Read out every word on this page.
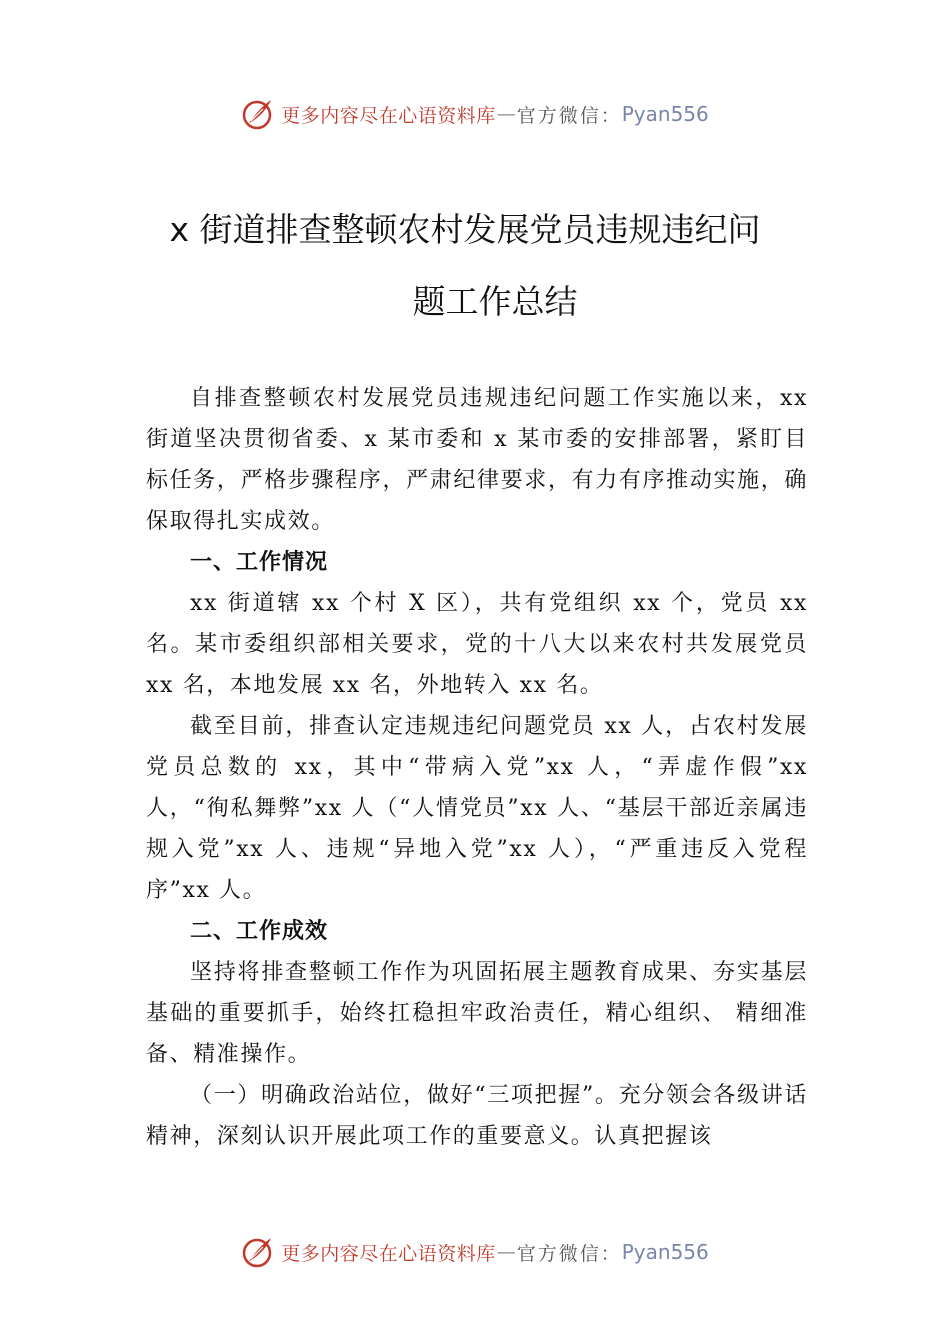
更多内容尽在心语资料库 — 官方微信： Pyan556
x 街道排查整顿农村发展党员违规违纪问
题工作总结

自排查整顿农村发展党员违规违纪问题工作实施以来，xx 街道坚决贯彻省委、x 某市委和 x 某市委的安排部署，紧盯目标任务，严格步骤程序，严肃纪律要求，有力有序推动实施，确保取得扎实成效。

一、工作情况

xx 街道辖 xx 个村 X 区），共有党组织 xx 个，党员 xx 名。某市委组织部相关要求，党的十八大以来农村共发展党员 xx 名，本地发展 xx 名，外地转入 xx 名。

截至目前，排查认定违规违纪问题党员 xx 人，占农村发展党员总数的 xx，其中“带病入党”xx 人，“弄虚作假”xx 人，“徇私舞弊”xx 人（“人情党员”xx 人、“基层干部近亲属违规入党”xx 人、违规“异地入党”xx 人），“严重违反入党程序”xx 人。

二、工作成效

坚持将排查整顿工作作为巩固拓展主题教育成果、夯实基层基础的重要抓手，始终扛稳担牢政治责任，精心组织、 精细准备、精准操作。

（一）明确政治站位，做好“三项把握”。充分领会各级讲话精神，深刻认识开展此项工作的重要意义。认真把握该

更多内容尽在心语资料库 — 官方微信： Pyan556
